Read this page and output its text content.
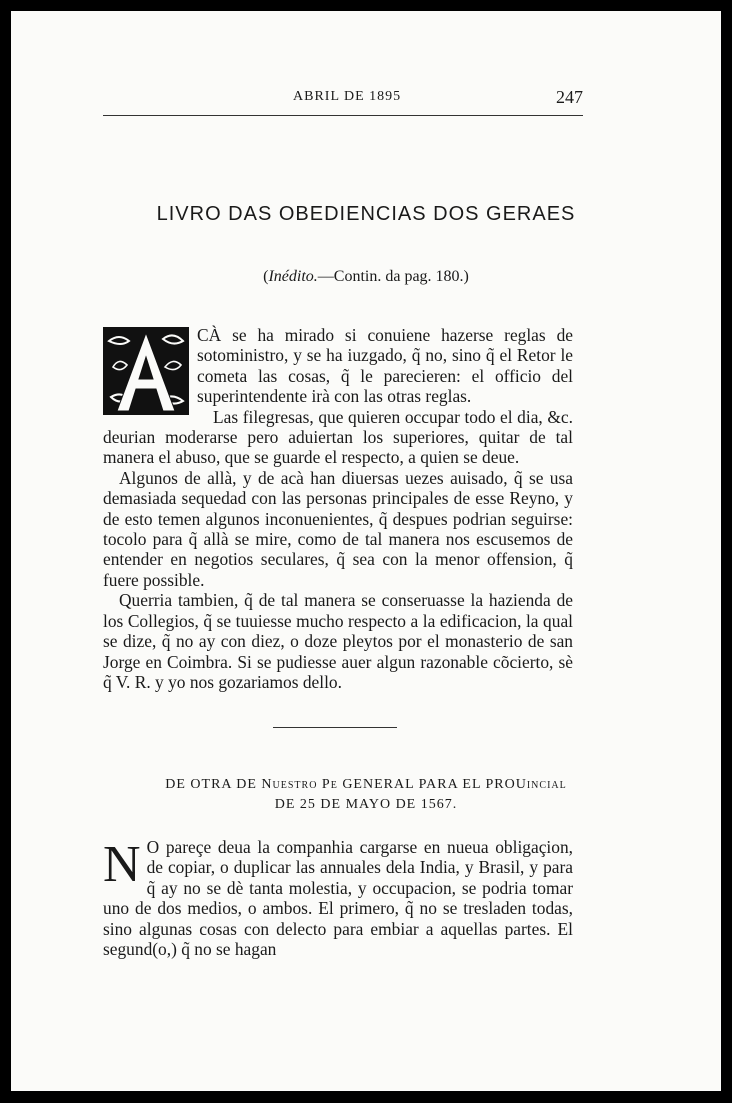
ABRIL DE 1895	247
LIVRO DAS OBEDIENCIAS DOS GERAES
(Inédito.—Contin. da pag. 180.)

CÀ se ha mirado si conuiene hazerse reglas de sotoministro, y se ha iuzgado, q̃ no, sino q̃ el Retor le cometa las cosas, q̃ le parecieren: el officio del superintendente irà con las otras reglas.

Las filegresas, que quieren occupar todo el dia, &c. deurian moderarse pero aduiertan los superiores, quitar de tal manera el abuso, que se guarde el respecto, a quien se deue.

Algunos de allà, y de acà han diuersas uezes auisado, q̃ se usa demasiada sequedad con las personas principales de esse Reyno, y de esto temen algunos inconuenientes, q̃ despues podrian seguirse: tocolo para q̃ allà se mire, como de tal manera nos escusemos de entender en negotios seculares, q̃ sea con la menor offension, q̃ fuere possible.

Querria tambien, q̃ de tal manera se conseruasse la hazienda de los Collegios, q̃ se tuuiesse mucho respecto a la edificacion, la qual se dize, q̃ no ay con diez, o doze pleytos por el monasterio de san Jorge en Coimbra. Si se pudiesse auer algun razonable cõcierto, sè q̃ V. R. y yo nos gozariamos dello.

DE OTRA DE Nuestro Pe GENERAL PARA EL PROUincial
DE 25 DE MAYO DE 1567.
N O pareçe deua la companhia cargarse en nueua obligaçion, de copiar, o duplicar las annuales dela India, y Brasil, y para q̃ ay no se dè tanta molestia, y occupacion, se podria tomar uno de dos medios, o ambos. El primero, q̃ no se tresladen todas, sino algunas cosas con delecto para embiar a aquellas partes. El segund(o,) q̃ no se hagan
